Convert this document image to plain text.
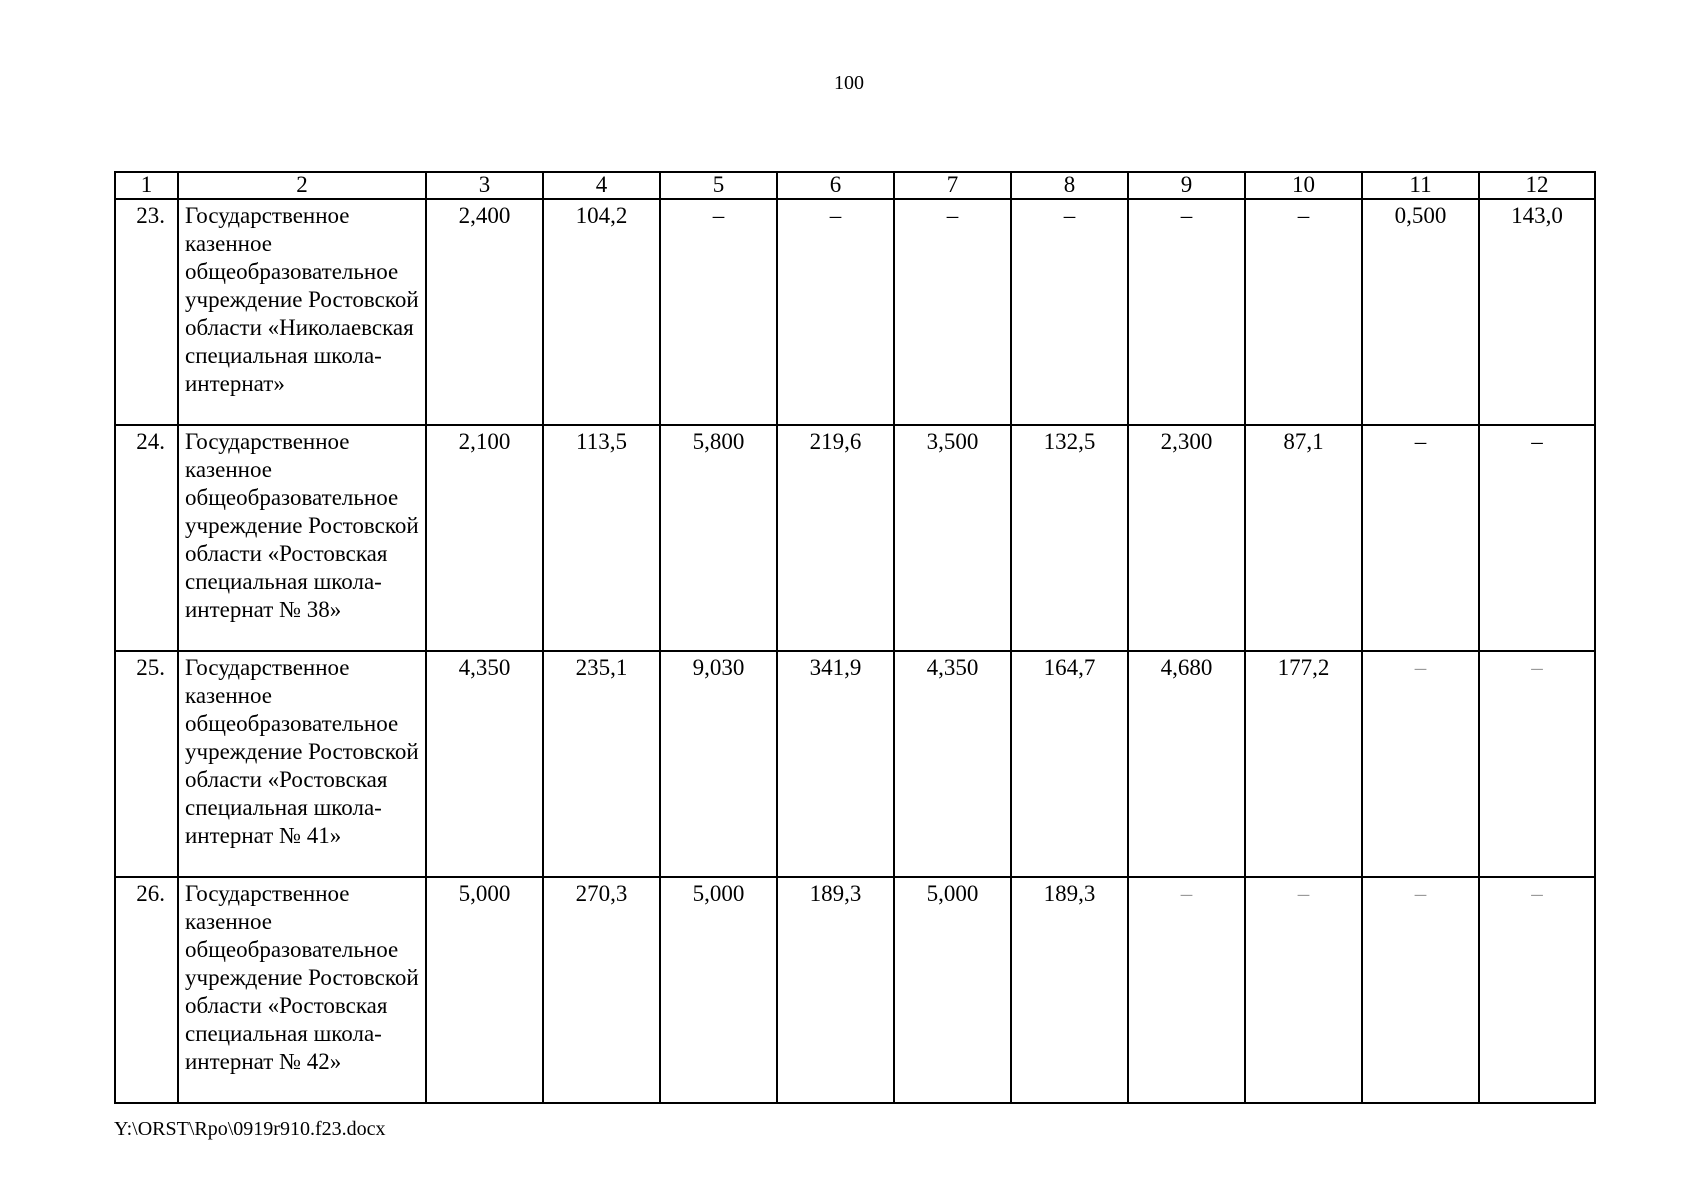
100
1	2	3	4	5	6	7	8	9	10	11	12
23.	Государственное казенное общеобразовательное учреждение Ростовской области «Николаевская специальная школа-интернат»	2,400	104,2	–	–	–	–	–	–	0,500	143,0
24.	Государственное казенное общеобразовательное учреждение Ростовской области «Ростовская специальная школа-интернат № 38»	2,100	113,5	5,800	219,6	3,500	132,5	2,300	87,1	–	–
25.	Государственное казенное общеобразовательное учреждение Ростовской области «Ростовская специальная школа-интернат № 41»	4,350	235,1	9,030	341,9	4,350	164,7	4,680	177,2	–	–
26.	Государственное казенное общеобразовательное учреждение Ростовской области «Ростовская специальная школа-интернат № 42»	5,000	270,3	5,000	189,3	5,000	189,3	–	–	–	–
Y:\ORST\Rpo\0919r910.f23.docx
